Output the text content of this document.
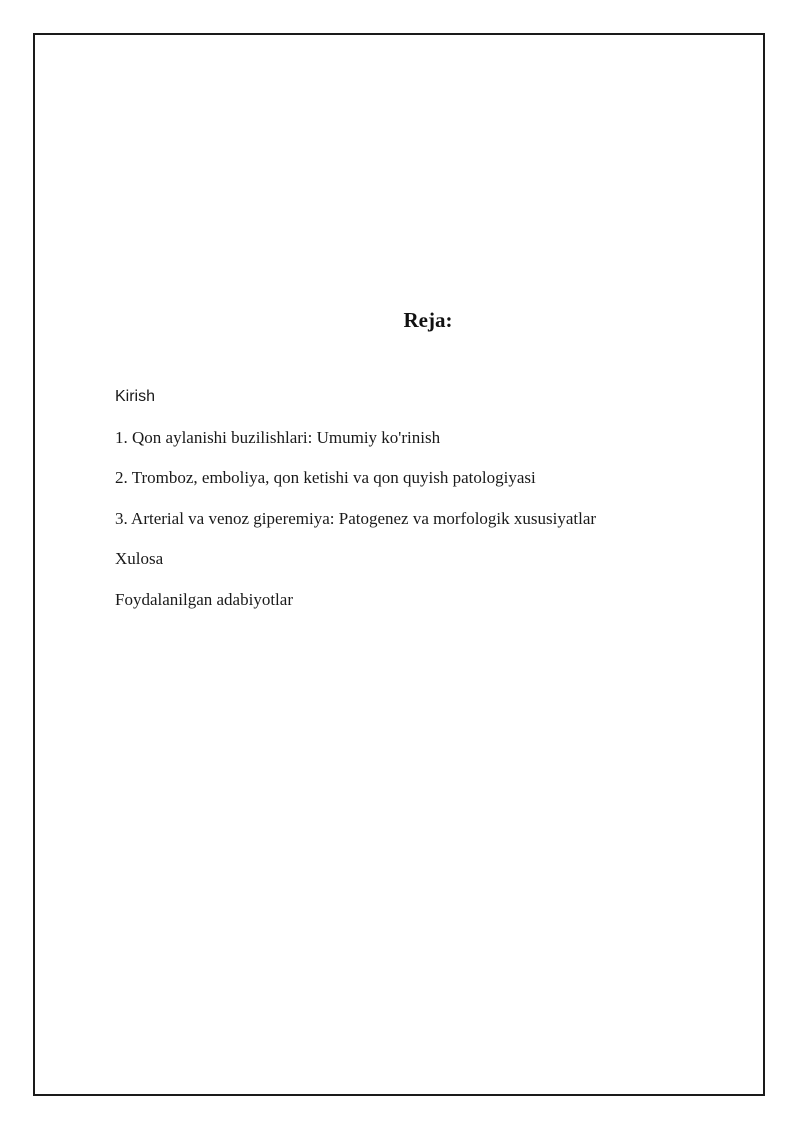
Reja:
Kirish
1. Qon aylanishi buzilishlari: Umumiy ko'rinish
2. Tromboz, emboliya, qon ketishi va qon quyish patologiyasi
3. Arterial va venoz giperemiya: Patogenez va morfologik xususiyatlar
Xulosa
Foydalanilgan adabiyotlar
